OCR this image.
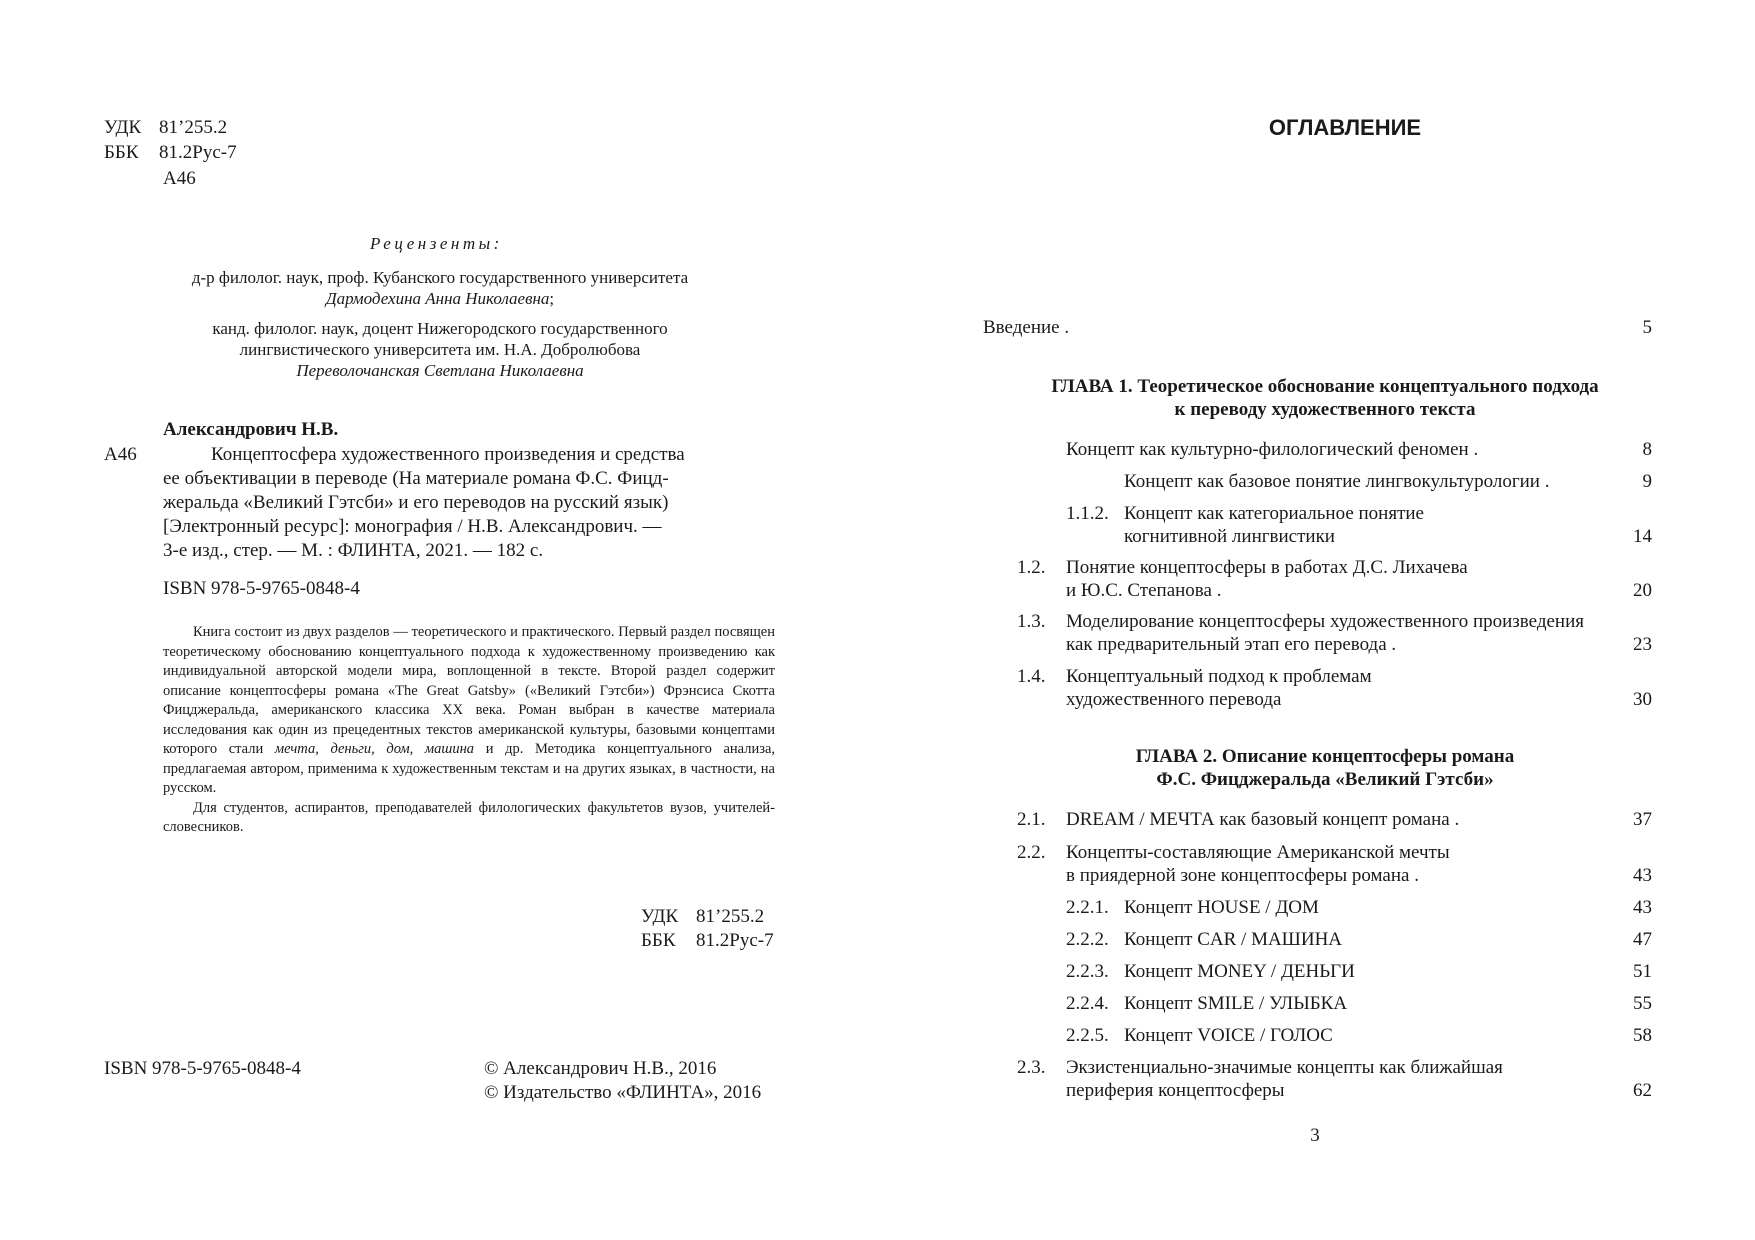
УДК 81’255.2
ББК 81.2Рус-7
А46
Рецензенты:
д-р филолог. наук, проф. Кубанского государственного университета
Дармодехина Анна Николаевна;
канд. филолог. наук, доцент Нижегородского государственного
лингвистического университета им. Н.А. Добролюбова
Переволочанская Светлана Николаевна
Александрович Н.В.
А46	Концептосфера художественного произведения и средства
ее объективации в переводе (На материале романа Ф.С. Фицд-
жеральда «Великий Гэтсби» и его переводов на русский язык)
[Электронный ресурс]: монография / Н.В. Александрович. —
3-е изд., стер. — М. : ФЛИНТА, 2021. — 182 с.
ISBN 978-5-9765-0848-4

Книга состоит из двух разделов — теоретического и практического. Первый раздел посвящен теоретическому обоснованию концептуального подхода к художественному произведению как индивидуальной авторской модели мира, воплощенной в тексте. Второй раздел содержит описание концептосферы романа «The Great Gatsby» («Великий Гэтсби») Фрэнсиса Скотта Фицджеральда, американского классика XX века. Роман выбран в качестве материала исследования как один из прецедентных текстов американской культуры, базовыми концептами которого стали мечта, деньги, дом, машина и др. Методика концептуального анализа, предлагаемая автором, применима к художественным текстам и на других языках, в частности, на русском.

Для студентов, аспирантов, преподавателей филологических факультетов вузов, учителей-словесников.

УДК 81’255.2
ББК 81.2Рус-7
ISBN 978-5-9765-0848-4	© Александрович Н.В., 2016
© Издательство «ФЛИНТА», 2016
ОГЛАВЛЕНИЕ
Введение .	5
ГЛАВА 1. Теоретическое обоснование концептуального подхода
к переводу художественного текста
Концепт как культурно-филологический феномен .	8
Концепт как базовое понятие лингвокультурологии .	9
1.1.2. Концепт как категориальное понятие
когнитивной лингвистики	14
1.2. Понятие концептосферы в работах Д.С. Лихачева
и Ю.С. Степанова .	20
1.3. Моделирование концептосферы художественного произведения
как предварительный этап его перевода .	23
1.4. Концептуальный подход к проблемам
художественного перевода	30
ГЛАВА 2. Описание концептосферы романа
Ф.С. Фицджеральда «Великий Гэтсби»
2.1. DREAM / МЕЧТА как базовый концепт романа .	37
2.2. Концепты-составляющие Американской мечты
в приядерной зоне концептосферы романа .	43
2.2.1. Концепт HOUSE / ДОМ	43
2.2.2. Концепт CAR / МАШИНА	47
2.2.3. Концепт MONEY / ДЕНЬГИ	51
2.2.4. Концепт SMILE / УЛЫБКА	55
2.2.5. Концепт VOICE / ГОЛОС	58
2.3. Экзистенциально-значимые концепты как ближайшая
периферия концептосферы	62
3
